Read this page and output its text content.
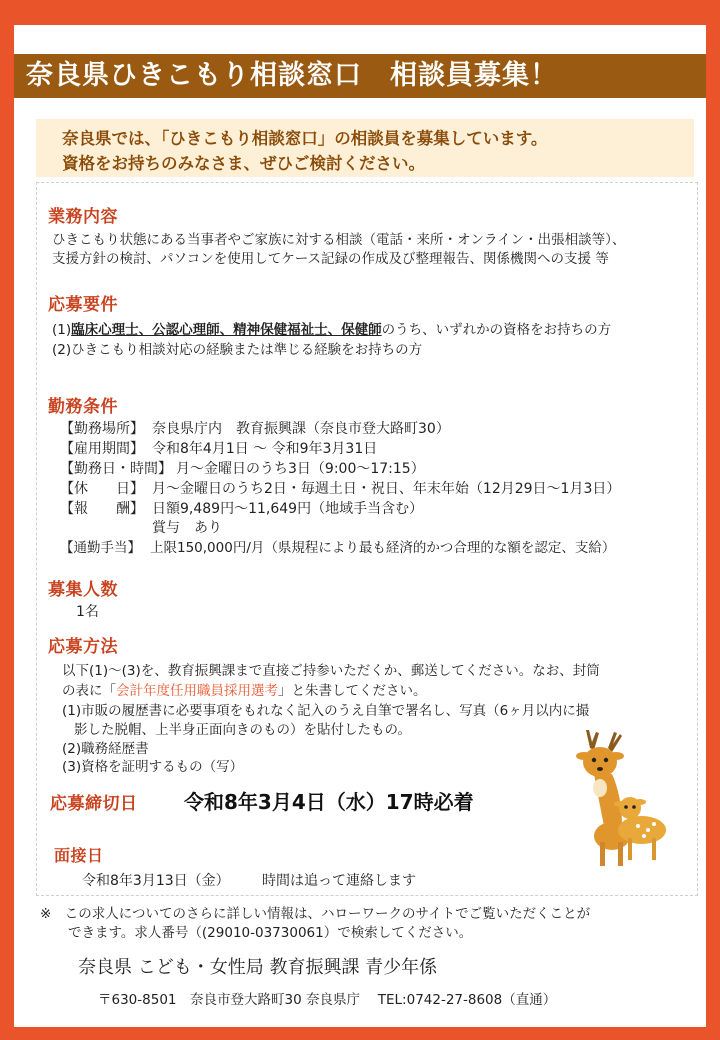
奈良県ひきこもり相談窓口　相談員募集！
奈良県では、「ひきこもり相談窓口」の相談員を募集しています。
資格をお持ちのみなさま、ぜひご検討ください。
業務内容
ひきこもり状態にある当事者やご家族に対する相談（電話・来所・オンライン・出張相談等）、
支援方針の検討、パソコンを使用してケース記録の作成及び整理報告、関係機関への支援 等
応募要件
(1)臨床心理士、公認心理師、精神保健福祉士、保健師のうち、いずれかの資格をお持ちの方
(2)ひきこもり相談対応の経験または準じる経験をお持ちの方
勤務条件
【勤務場所】 奈良県庁内　教育振興課（奈良市登大路町30）
【雇用期間】 令和8年4月1日 ～ 令和9年3月31日
【勤務日・時間】 月～金曜日のうち3日（9:00～17:15）
【休　　日】 月～金曜日のうち2日・毎週土日・祝日、年末年始（12月29日～1月3日）
【報　　酬】 日額9,489円～11,649円（地域手当含む）
賞与　あり
【通勤手当】 上限150,000円/月（県規程により最も経済的かつ合理的な額を認定、支給）
募集人数
1名
応募方法
以下(1)～(3)を、教育振興課まで直接ご持参いただくか、郵送してください。なお、封筒
の表に「会計年度任用職員採用選考」と朱書してください。
(1)市販の履歴書に必要事項をもれなく記入のうえ自筆で署名し、写真（6ヶ月以内に撮
影した脱帽、上半身正面向きのもの）を貼付したもの。
(2)職務経歴書
(3)資格を証明するもの（写）
応募締切日 令和8年3月4日（水）17時必着
面接日
令和8年3月13日（金） 時間は追って連絡します
※　この求人についてのさらに詳しい情報は、ハローワークのサイトでご覧いただくことが
できます。求人番号（(29010-03730061）で検索してください。
奈良県 こども・女性局 教育振興課 青少年係
〒630-8501　奈良市登大路町30 奈良県庁　 TEL:0742-27-8608（直通）
